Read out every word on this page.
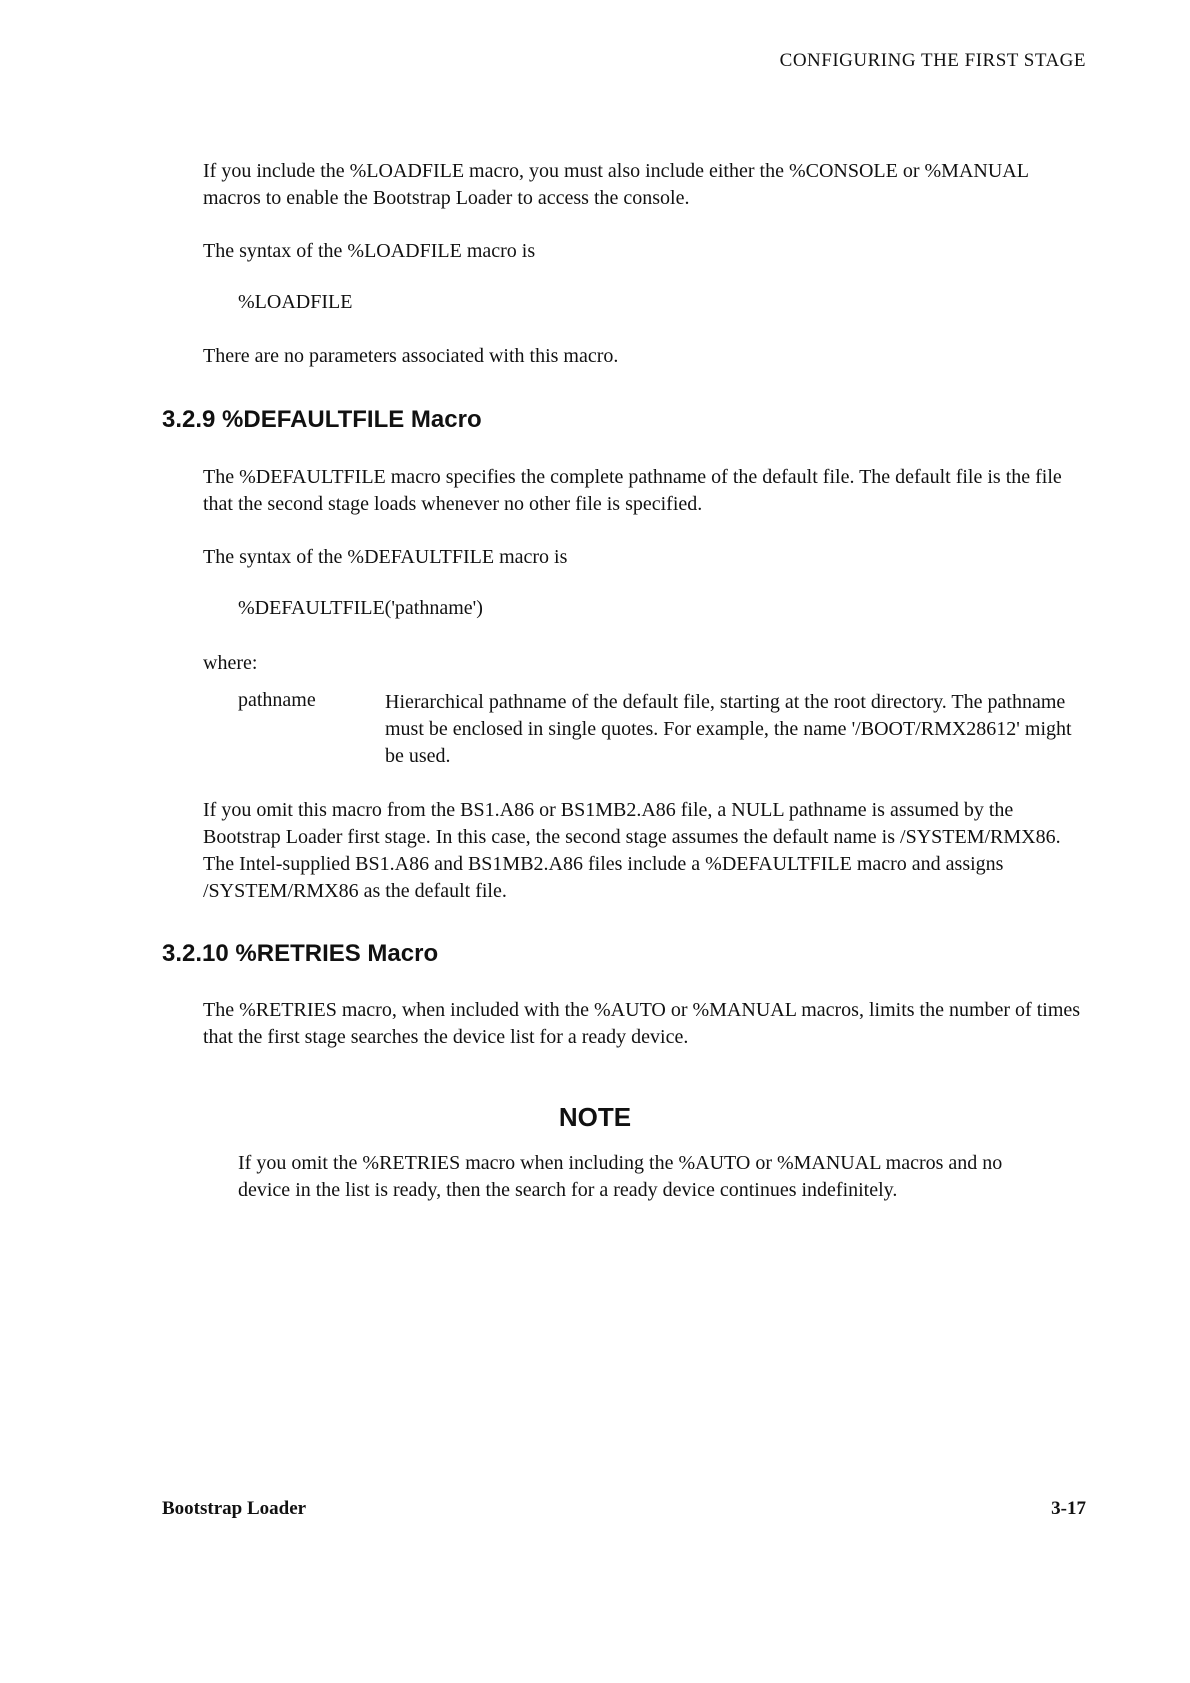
CONFIGURING THE FIRST STAGE

If you include the %LOADFILE macro, you must also include either the %CONSOLE or %MANUAL macros to enable the Bootstrap Loader to access the console.

The syntax of the %LOADFILE macro is

%LOADFILE

There are no parameters associated with this macro.

3.2.9 %DEFAULTFILE Macro

The %DEFAULTFILE macro specifies the complete pathname of the default file. The default file is the file that the second stage loads whenever no other file is specified.

The syntax of the %DEFAULTFILE macro is

%DEFAULTFILE('pathname')

where:

pathname	Hierarchical pathname of the default file, starting at the root directory. The pathname must be enclosed in single quotes. For example, the name '/BOOT/RMX28612' might be used.

If you omit this macro from the BS1.A86 or BS1MB2.A86 file, a NULL pathname is assumed by the Bootstrap Loader first stage. In this case, the second stage assumes the default name is /SYSTEM/RMX86. The Intel-supplied BS1.A86 and BS1MB2.A86 files include a %DEFAULTFILE macro and assigns /SYSTEM/RMX86 as the default file.

3.2.10 %RETRIES Macro

The %RETRIES macro, when included with the %AUTO or %MANUAL macros, limits the number of times that the first stage searches the device list for a ready device.

NOTE

If you omit the %RETRIES macro when including the %AUTO or %MANUAL macros and no device in the list is ready, then the search for a ready device continues indefinitely.

Bootstrap Loader	3-17
